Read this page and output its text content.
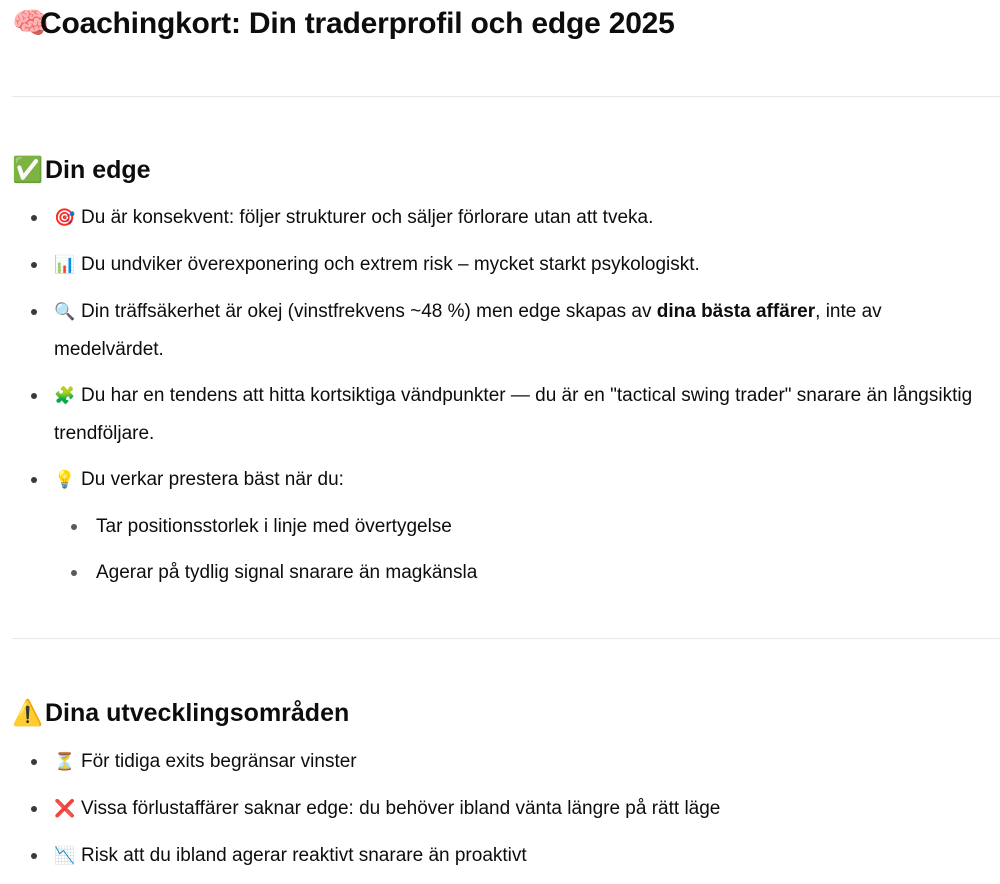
🧠Coachingkort: Din traderprofil och edge 2025
✅Din edge
🎯 Du är konsekvent: följer strukturer och säljer förlorare utan att tveka.
📊 Du undviker överexponering och extrem risk – mycket starkt psykologiskt.
🔍 Din träffsäkerhet är okej (vinstfrekvens ~48 %) men edge skapas av dina bästa affärer, inte av medelvärdet.
🧩 Du har en tendens att hitta kortsiktiga vändpunkter — du är en "tactical swing trader" snarare än långsiktig trendföljare.
💡 Du verkar prestera bäst när du:
Tar positionsstorlek i linje med övertygelse
Agerar på tydlig signal snarare än magkänsla
⚠️Dina utvecklingsområden
⏳ För tidiga exits begränsar vinster
❌ Vissa förlustaffärer saknar edge: du behöver ibland vänta längre på rätt läge
📉 Risk att du ibland agerar reaktivt snarare än proaktivt
